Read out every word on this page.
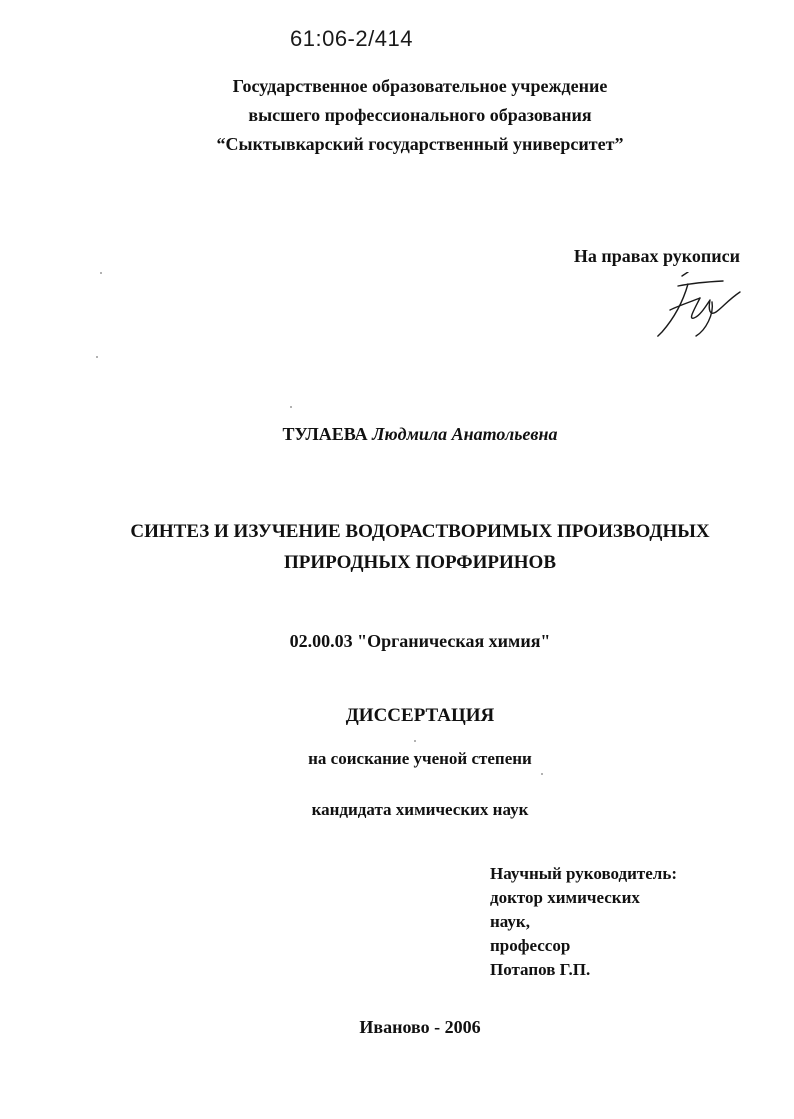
61:06-2/414
Государственное образовательное учреждение
высшего профессионального образования
“Сыктывкарский государственный университет”
На правах рукописи
ТУЛАЕВА Людмила Анатольевна
СИНТЕЗ И ИЗУЧЕНИЕ ВОДОРАСТВОРИМЫХ ПРОИЗВОДНЫХ
ПРИРОДНЫХ ПОРФИРИНОВ
02.00.03 "Органическая химия"
ДИССЕРТАЦИЯ
на соискание ученой степени
кандидата химических наук
Научный руководитель:
доктор химических
наук,
профессор
Потапов Г.П.
Иваново - 2006
